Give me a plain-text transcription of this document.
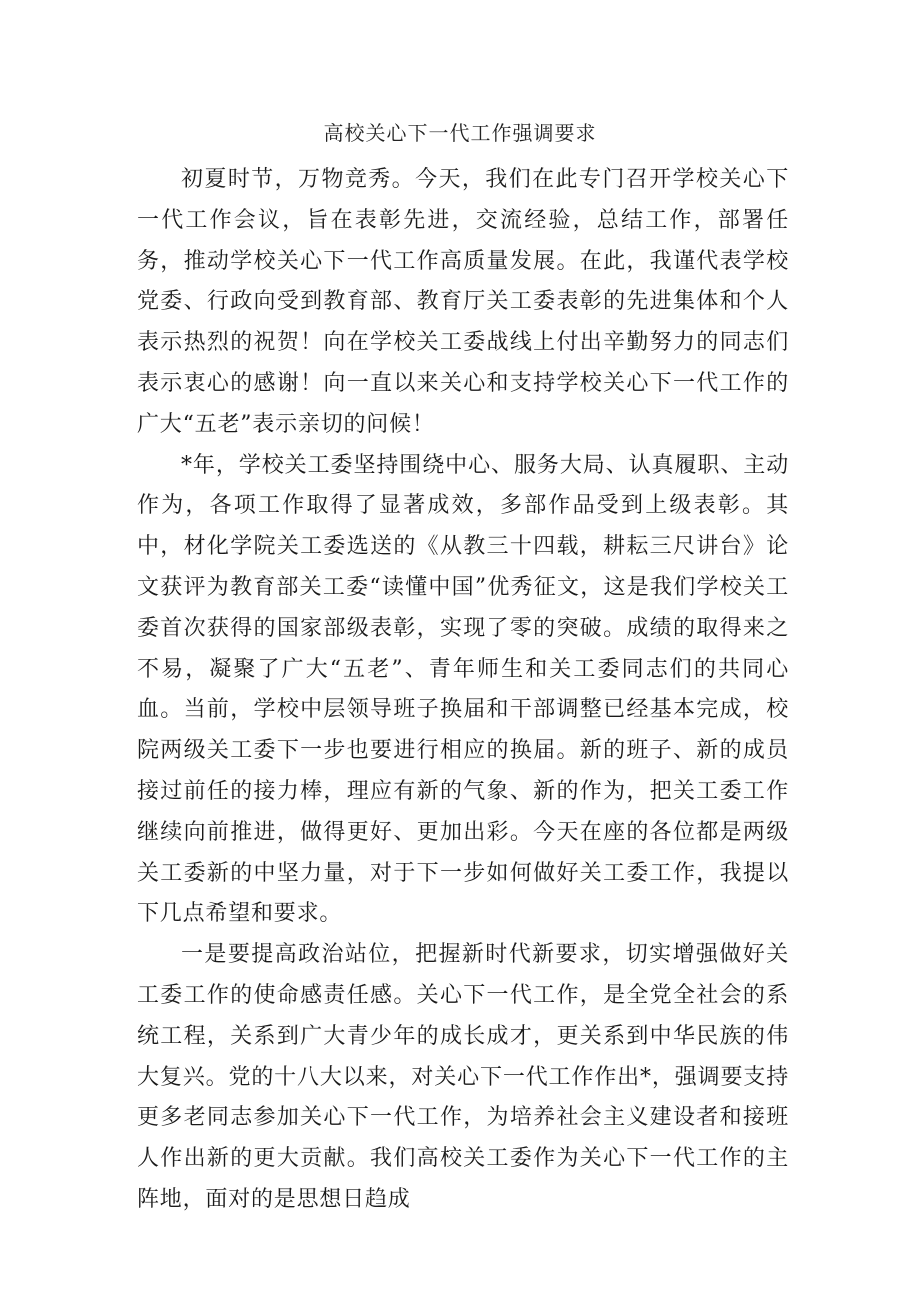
高校关心下一代工作强调要求

初夏时节，万物竞秀。今天，我们在此专门召开学校关心下一代工作会议，旨在表彰先进，交流经验，总结工作，部署任务，推动学校关心下一代工作高质量发展。在此，我谨代表学校党委、行政向受到教育部、教育厅关工委表彰的先进集体和个人表示热烈的祝贺！向在学校关工委战线上付出辛勤努力的同志们表示衷心的感谢！向一直以来关心和支持学校关心下一代工作的广大“五老”表示亲切的问候！

*年，学校关工委坚持围绕中心、服务大局、认真履职、主动作为，各项工作取得了显著成效，多部作品受到上级表彰。其中，材化学院关工委选送的《从教三十四载，耕耘三尺讲台》论文获评为教育部关工委“读懂中国”优秀征文，这是我们学校关工委首次获得的国家部级表彰，实现了零的突破。成绩的取得来之不易，凝聚了广大“五老”、青年师生和关工委同志们的共同心血。当前，学校中层领导班子换届和干部调整已经基本完成，校院两级关工委下一步也要进行相应的换届。新的班子、新的成员接过前任的接力棒，理应有新的气象、新的作为，把关工委工作继续向前推进，做得更好、更加出彩。今天在座的各位都是两级关工委新的中坚力量，对于下一步如何做好关工委工作，我提以下几点希望和要求。

一是要提高政治站位，把握新时代新要求，切实增强做好关工委工作的使命感责任感。关心下一代工作，是全党全社会的系统工程，关系到广大青少年的成长成才，更关系到中华民族的伟大复兴。党的十八大以来，对关心下一代工作作出*，强调要支持更多老同志参加关心下一代工作，为培养社会主义建设者和接班人作出新的更大贡献。我们高校关工委作为关心下一代工作的主阵地，面对的是思想日趋成
